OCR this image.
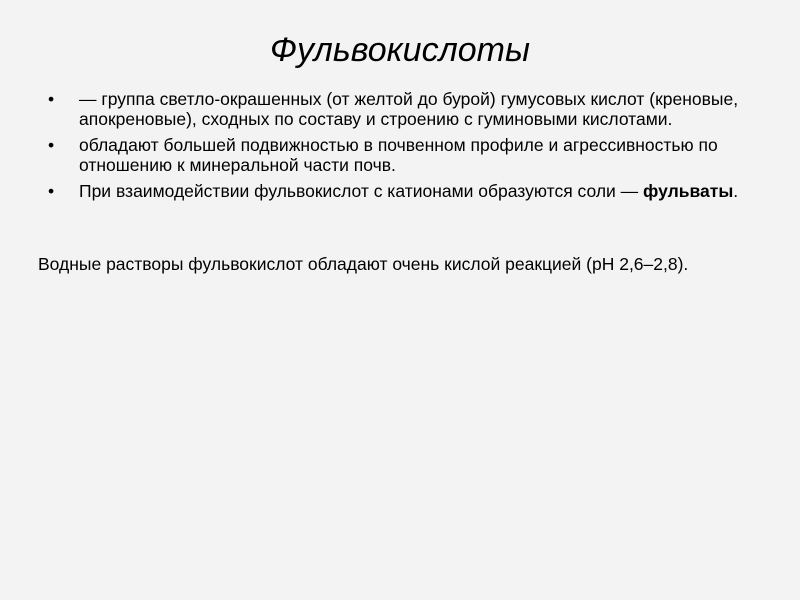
Фульвокислоты
•	— группа светло-окрашенных (от желтой до бурой) гумусовых кислот (креновые, апокреновые), сходных по составу и строению с гуминовыми кислотами.
•	обладают большей подвижностью в почвенном профиле и агрессивностью по отношению к минеральной части почв.
•	При взаимодействии фульвокислот с катионами образуются соли — фульваты.

Водные растворы фульвокислот обладают очень кислой реакцией (рН 2,6–2,8).
